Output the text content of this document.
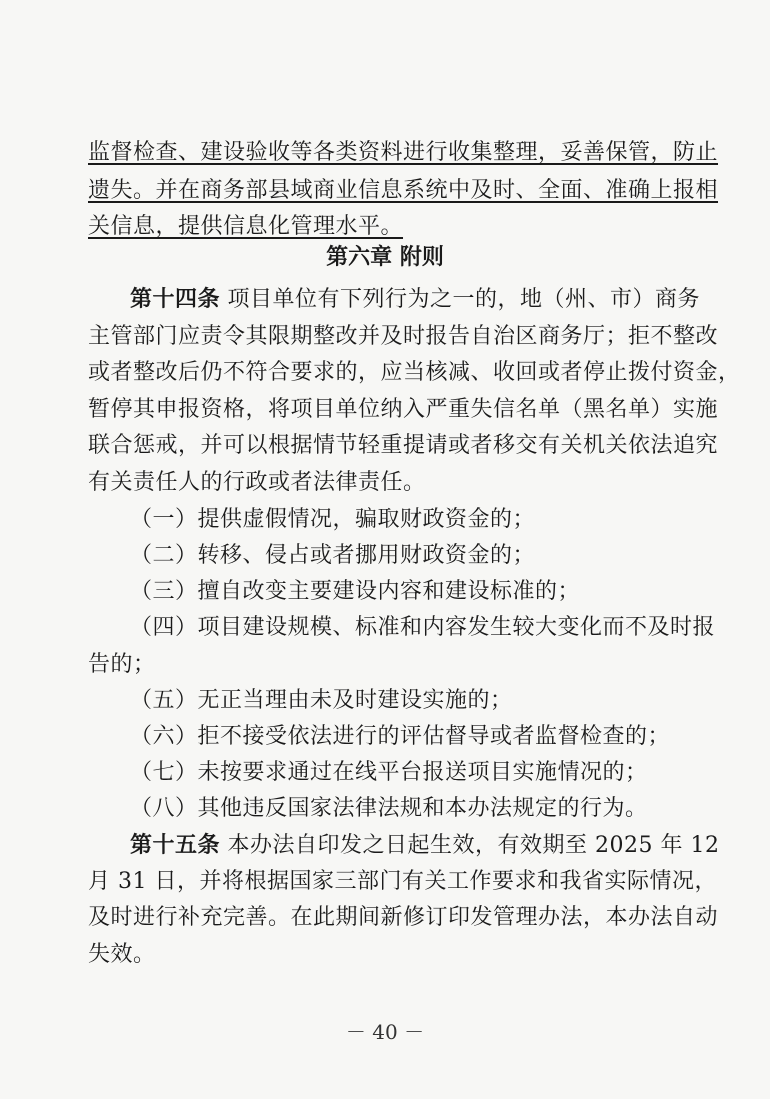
监督检查、建设验收等各类资料进行收集整理，妥善保管，防止
遗失。并在商务部县域商业信息系统中及时、全面、准确上报相
关信息，提供信息化管理水平。
第六章 附则
第十四条 项目单位有下列行为之一的，地（州、市）商务
主管部门应责令其限期整改并及时报告自治区商务厅；拒不整改
或者整改后仍不符合要求的，应当核减、收回或者停止拨付资金，
暂停其申报资格，将项目单位纳入严重失信名单（黑名单）实施
联合惩戒，并可以根据情节轻重提请或者移交有关机关依法追究
有关责任人的行政或者法律责任。
（一）提供虚假情况，骗取财政资金的；
（二）转移、侵占或者挪用财政资金的；
（三）擅自改变主要建设内容和建设标准的；
（四）项目建设规模、标准和内容发生较大变化而不及时报
告的；
（五）无正当理由未及时建设实施的；
（六）拒不接受依法进行的评估督导或者监督检查的；
（七）未按要求通过在线平台报送项目实施情况的；
（八）其他违反国家法律法规和本办法规定的行为。
第十五条 本办法自印发之日起生效，有效期至 2025 年 12
月 31 日，并将根据国家三部门有关工作要求和我省实际情况，
及时进行补充完善。在此期间新修订印发管理办法，本办法自动
失效。
－ 40 －
